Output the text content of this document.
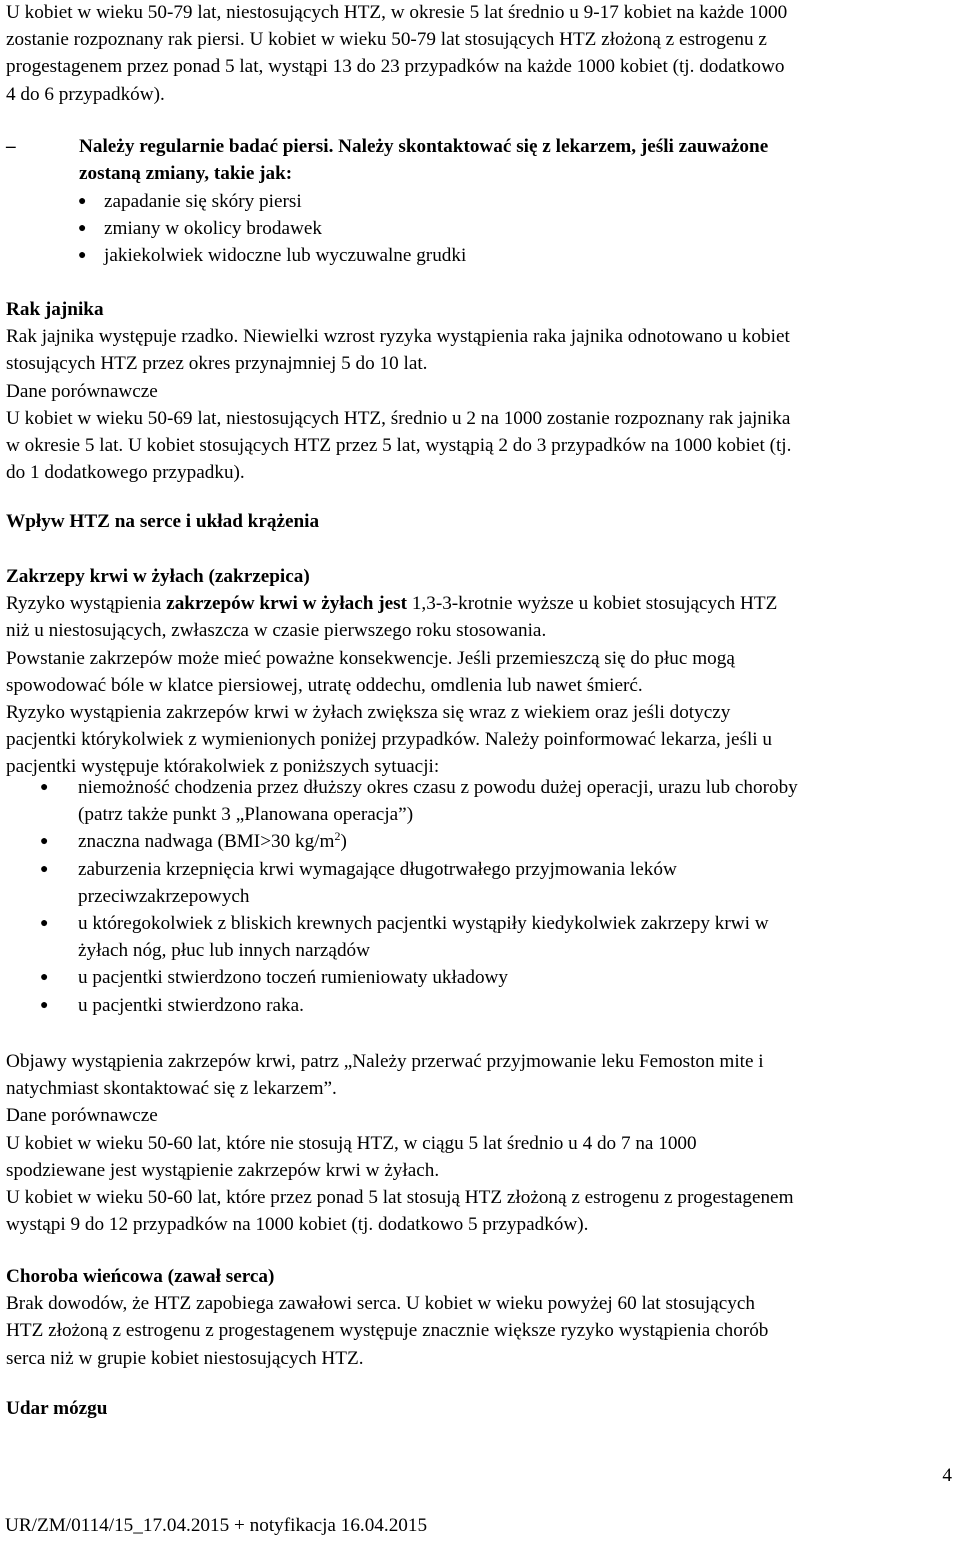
U kobiet w wieku 50-79 lat, niestosujących HTZ, w okresie 5 lat średnio u 9-17 kobiet na każde 1000
zostanie rozpoznany rak piersi. U kobiet w wieku 50-79 lat stosujących HTZ złożoną z estrogenu z
progestagenem przez ponad 5 lat, wystąpi 13 do 23 przypadków na każde 1000 kobiet (tj. dodatkowo
4 do 6 przypadków).
–	Należy regularnie badać piersi. Należy skontaktować się z lekarzem, jeśli zauważone
zostaną zmiany, takie jak:
● zapadanie się skóry piersi
● zmiany w okolicy brodawek
● jakiekolwiek widoczne lub wyczuwalne grudki
Rak jajnika
Rak jajnika występuje rzadko. Niewielki wzrost ryzyka wystąpienia raka jajnika odnotowano u kobiet
stosujących HTZ przez okres przynajmniej 5 do 10 lat.
Dane porównawcze
U kobiet w wieku 50-69 lat, niestosujących HTZ, średnio u 2 na 1000 zostanie rozpoznany rak jajnika
w okresie 5 lat. U kobiet stosujących HTZ przez 5 lat, wystąpią 2 do 3 przypadków na 1000 kobiet (tj.
do 1 dodatkowego przypadku).
Wpływ HTZ na serce i układ krążenia
Zakrzepy krwi w żyłach (zakrzepica)
Ryzyko wystąpienia zakrzepów krwi w żyłach jest 1,3-3-krotnie wyższe u kobiet stosujących HTZ
niż u niestosujących, zwłaszcza w czasie pierwszego roku stosowania.
Powstanie zakrzepów może mieć poważne konsekwencje. Jeśli przemieszczą się do płuc mogą
spowodować bóle w klatce piersiowej, utratę oddechu, omdlenia lub nawet śmierć.
Ryzyko wystąpienia zakrzepów krwi w żyłach zwiększa się wraz z wiekiem oraz jeśli dotyczy
pacjentki którykolwiek z wymienionych poniżej przypadków. Należy poinformować lekarza, jeśli u
pacjentki występuje którakolwiek z poniższych sytuacji:
● niemożność chodzenia przez dłuższy okres czasu z powodu dużej operacji, urazu lub choroby
(patrz także punkt 3 „Planowana operacja”)
● znaczna nadwaga (BMI>30 $kg/m^2$)
● zaburzenia krzepnięcia krwi wymagające długotrwałego przyjmowania leków
przeciwzakrzepowych
● u któregokolwiek z bliskich krewnych pacjentki wystąpiły kiedykolwiek zakrzepy krwi w
żyłach nóg, płuc lub innych narządów
● u pacjentki stwierdzono toczeń rumieniowaty układowy
● u pacjentki stwierdzono raka.
Objawy wystąpienia zakrzepów krwi, patrz „Należy przerwać przyjmowanie leku Femoston mite i
natychmiast skontaktować się z lekarzem”.
Dane porównawcze
U kobiet w wieku 50-60 lat, które nie stosują HTZ, w ciągu 5 lat średnio u 4 do 7 na 1000
spodziewane jest wystąpienie zakrzepów krwi w żyłach.
U kobiet w wieku 50-60 lat, które przez ponad 5 lat stosują HTZ złożoną z estrogenu z progestagenem
wystąpi 9 do 12 przypadków na 1000 kobiet (tj. dodatkowo 5 przypadków).
Choroba wieńcowa (zawał serca)
Brak dowodów, że HTZ zapobiega zawałowi serca. U kobiet w wieku powyżej 60 lat stosujących
HTZ złożoną z estrogenu z progestagenem występuje znacznie większe ryzyko wystąpienia chorób
serca niż w grupie kobiet niestosujących HTZ.
Udar mózgu
4
UR/ZM/0114/15_17.04.2015 + notyfikacja 16.04.2015
